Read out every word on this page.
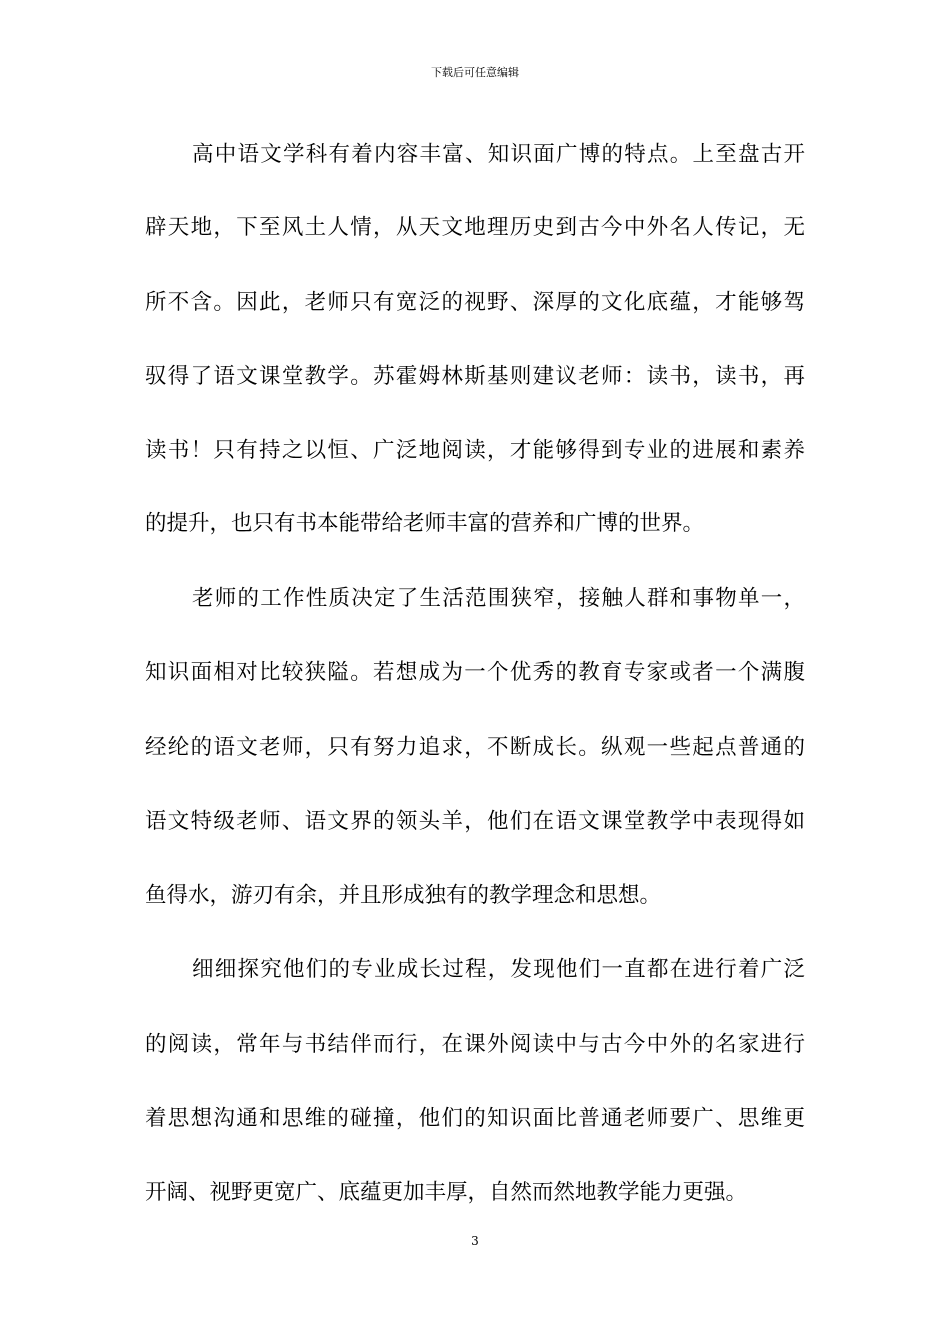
下载后可任意编辑
高中语文学科有着内容丰富、知识面广博的特点。上至盘古开
辟天地，下至风土人情，从天文地理历史到古今中外名人传记，无
所不含。因此，老师只有宽泛的视野、深厚的文化底蕴，才能够驾
驭得了语文课堂教学。苏霍姆林斯基则建议老师：读书，读书，再
读书！只有持之以恒、广泛地阅读，才能够得到专业的进展和素养
的提升，也只有书本能带给老师丰富的营养和广博的世界。
老师的工作性质决定了生活范围狭窄，接触人群和事物单一，
知识面相对比较狭隘。若想成为一个优秀的教育专家或者一个满腹
经纶的语文老师，只有努力追求，不断成长。纵观一些起点普通的
语文特级老师、语文界的领头羊，他们在语文课堂教学中表现得如
鱼得水，游刃有余，并且形成独有的教学理念和思想。
细细探究他们的专业成长过程，发现他们一直都在进行着广泛
的阅读，常年与书结伴而行，在课外阅读中与古今中外的名家进行
着思想沟通和思维的碰撞，他们的知识面比普通老师要广、思维更
开阔、视野更宽广、底蕴更加丰厚，自然而然地教学能力更强。
3
